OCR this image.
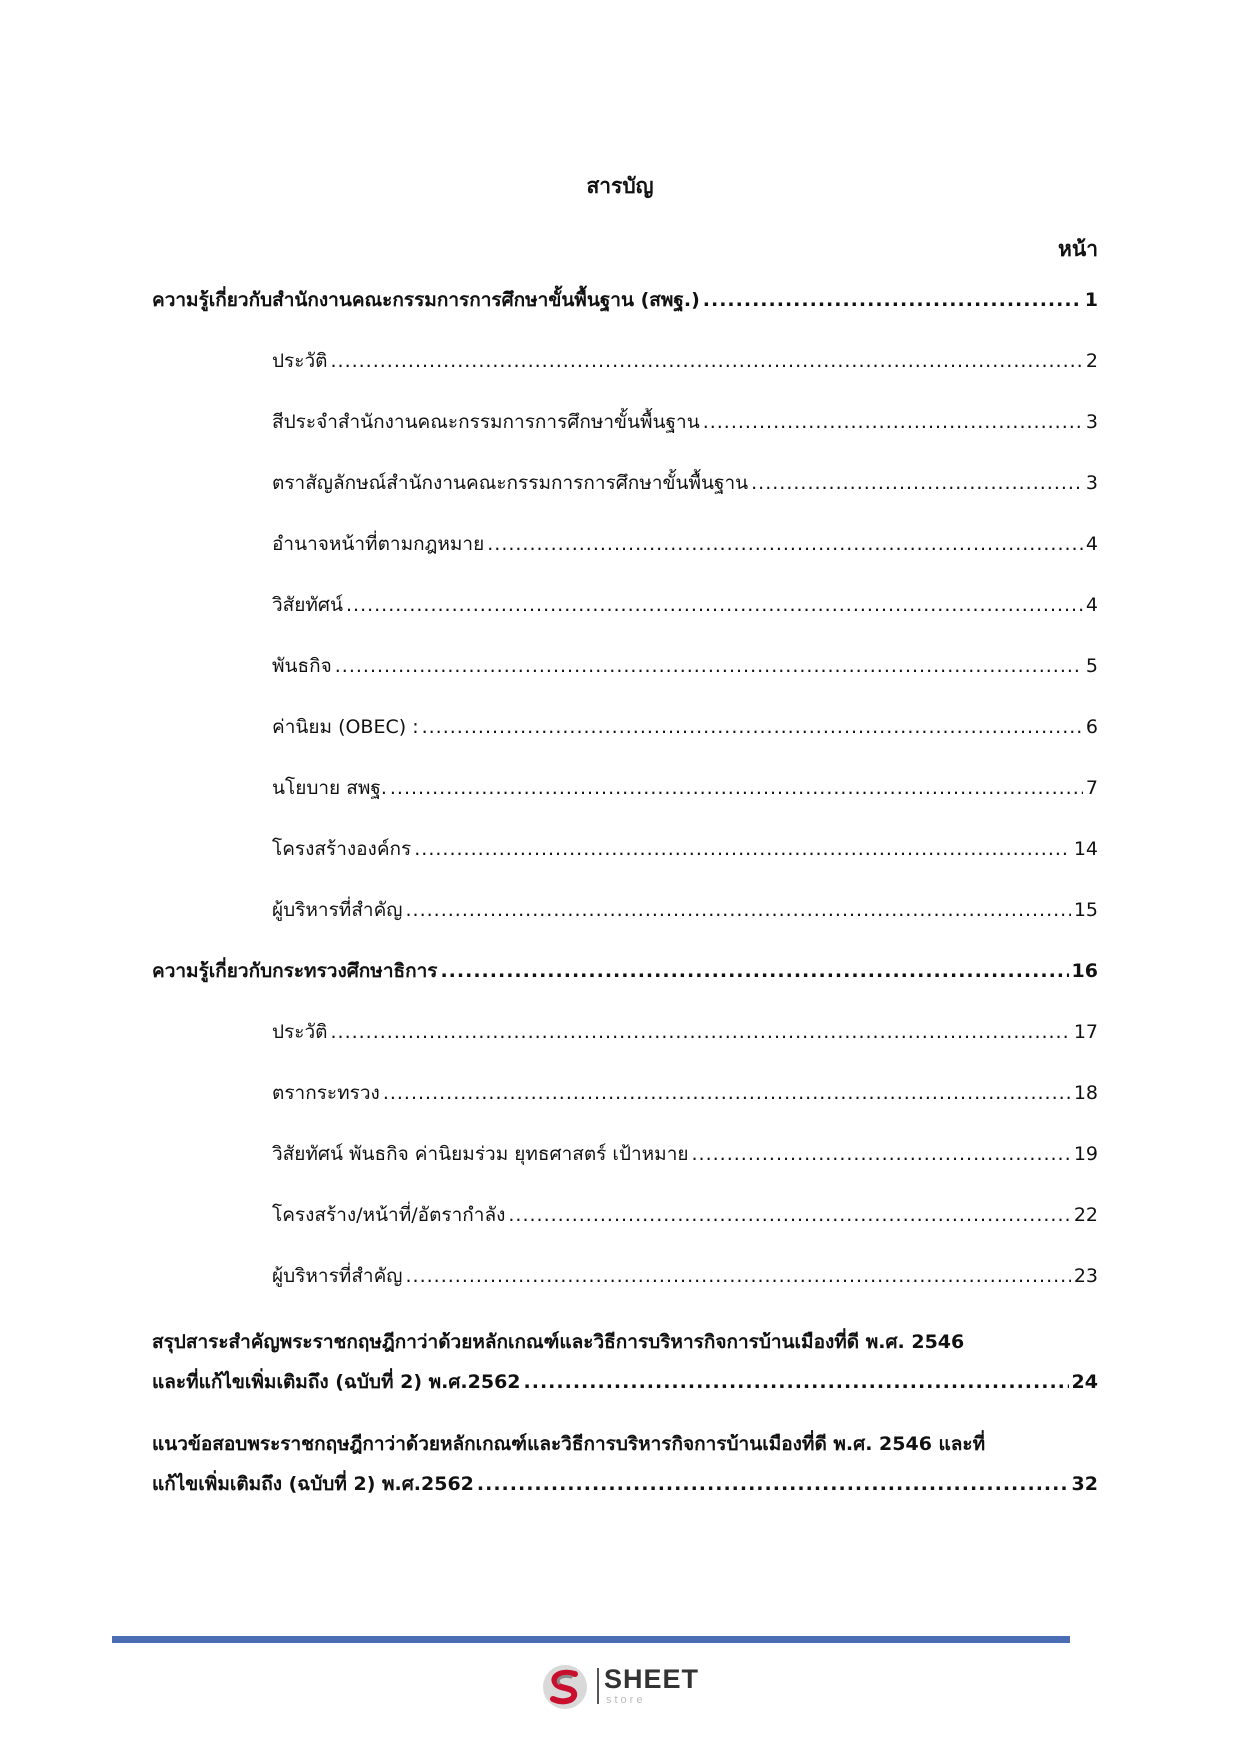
สารบัญ
หน้า
ความรู้เกี่ยวกับสำนักงานคณะกรรมการการศึกษาขั้นพื้นฐาน (สพฐ.) .....	1
ประวัติ .....	2
สีประจำสำนักงานคณะกรรมการการศึกษาขั้นพื้นฐาน .....	3
ตราสัญลักษณ์สำนักงานคณะกรรมการการศึกษาขั้นพื้นฐาน .....	3
อำนาจหน้าที่ตามกฎหมาย .....	4
วิสัยทัศน์ .....	4
พันธกิจ .....	5
ค่านิยม (OBEC) : .....	6
นโยบาย สพฐ. .....	7
โครงสร้างองค์กร .....	14
ผู้บริหารที่สำคัญ .....	15
ความรู้เกี่ยวกับกระทรวงศึกษาธิการ .....	16
ประวัติ .....	17
ตรากระทรวง .....	18
วิสัยทัศน์ พันธกิจ ค่านิยมร่วม ยุทธศาสตร์ เป้าหมาย .....	19
โครงสร้าง/หน้าที่/อัตรากำลัง .....	22
ผู้บริหารที่สำคัญ .....	23
สรุปสาระสำคัญพระราชกฤษฎีกาว่าด้วยหลักเกณฑ์และวิธีการบริหารกิจการบ้านเมืองที่ดี พ.ศ. 2546
และที่แก้ไขเพิ่มเติมถึง (ฉบับที่ 2) พ.ศ.2562 .....	24
แนวข้อสอบพระราชกฤษฎีกาว่าด้วยหลักเกณฑ์และวิธีการบริหารกิจการบ้านเมืองที่ดี พ.ศ. 2546 และที่
แก้ไขเพิ่มเติมถึง (ฉบับที่ 2) พ.ศ.2562 .....	32
SHEET
store
